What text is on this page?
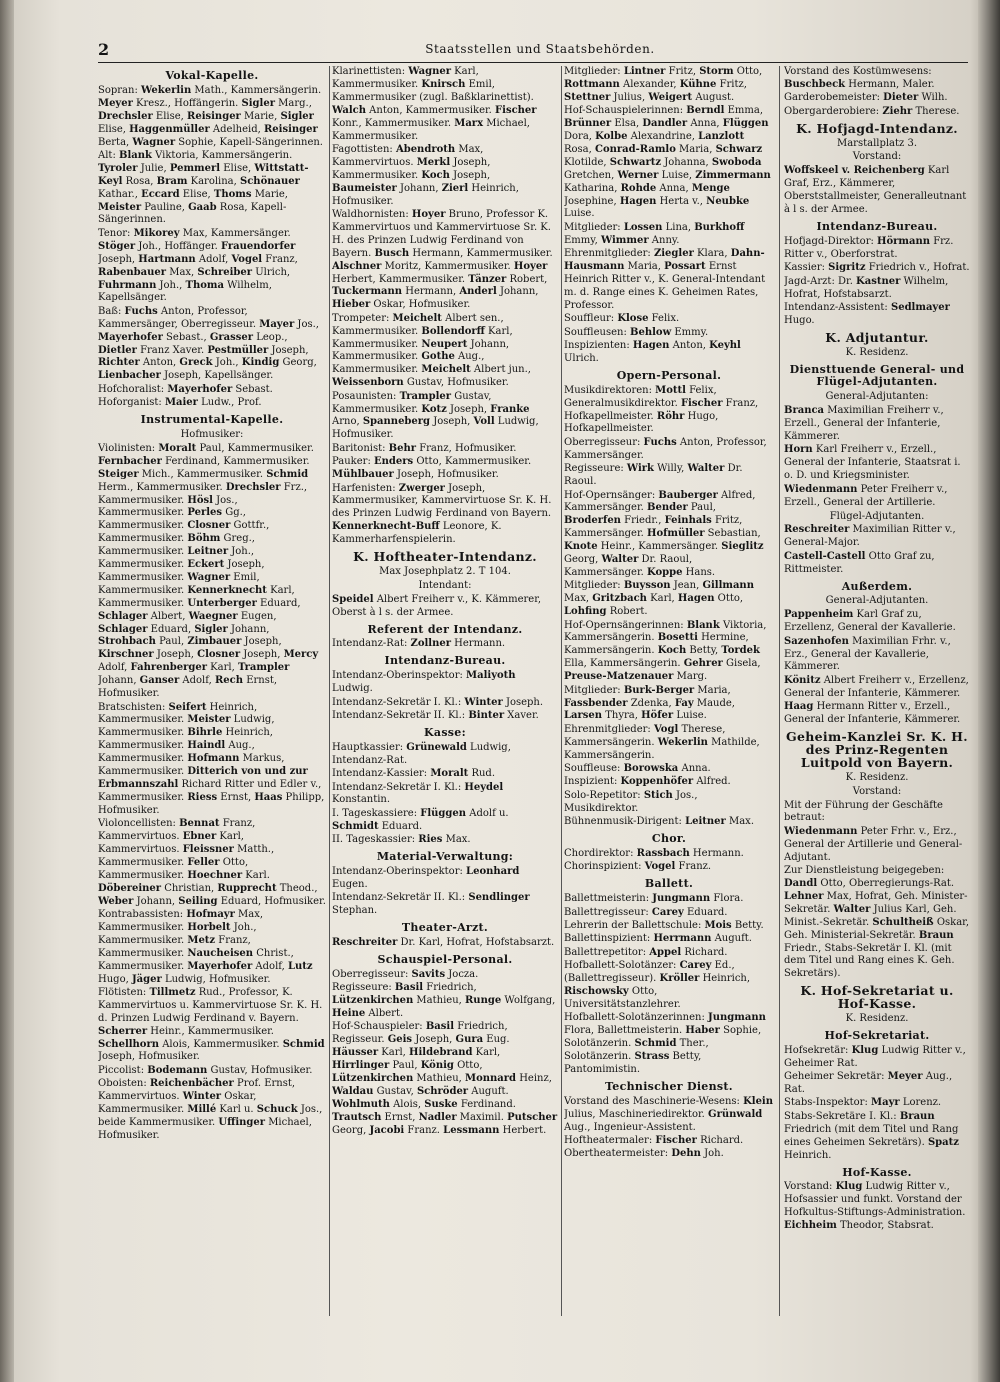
2	Staatsstellen und Staatsbehörden.
Vokal-Kapelle.
Sopran: Wekerlin Math., Kammersängerin. Meyer Kresz., Hoffängerin. Sigler Marg., Drechsler Elise, Reisinger Marie, Sigler Elise, Haggenmüller Adelheid, Reisinger Berta, Wagner Sophie, Kapell-Sängerinnen.
Alt: Blank Viktoria, Kammersängerin. Tyroler Julie, Pemmerl Elise, Wittstatt-Keyl Rosa, Bram Karolina, Schönauer Kathar., Eccard Elise, Thoms Marie, Meister Pauline, Gaab Rosa, Kapell-Sängerinnen.
Tenor: Mikorey Max, Kammersänger. Stöger Joh., Hoffänger. Frauendorfer Joseph, Hartmann Adolf, Vogel Franz, Rabenbauer Max, Schreiber Ulrich, Fuhrmann Joh., Thoma Wilhelm, Kapellsänger.
Baß: Fuchs Anton, Professor, Kammersänger, Oberregisseur. Mayer Jos., Mayerhofer Sebast., Grasser Leop., Dietler Franz Xaver. Pestmüller Joseph, Richter Anton, Greck Joh., Kindig Georg, Lienbacher Joseph, Kapellsänger.
Hofchoralist: Mayerhofer Sebast.
Hoforganist: Maier Ludw., Prof.
Instrumental-Kapelle.
Hofmusiker:
Violinisten: Moralt Paul, Kammermusiker. Fernbacher Ferdinand, Kammermusiker. Steiger Mich., Kammermusiker. Schmid Herm., Kammermusiker. Drechsler Frz., Kammermusiker. Hösl Jos., Kammermusiker. Perles Gg., Kammermusiker. Closner Gottfr., Kammermusiker. Böhm Greg., Kammermusiker. Leitner Joh., Kammermusiker. Eckert Joseph, Kammermusiker. Wagner Emil, Kammermusiker. Kennerknecht Karl, Kammermusiker. Unterberger Eduard, Schlager Albert, Waegner Eugen, Schlager Eduard, Sigler Johann, Strohbach Paul, Zimbauer Joseph, Kirschner Joseph, Closner Joseph, Mercy Adolf, Fahrenberger Karl, Trampler Johann, Ganser Adolf, Rech Ernst, Hofmusiker.
Bratschisten: Seifert Heinrich, Kammermusiker. Meister Ludwig, Kammermusiker. Bihrle Heinrich, Kammermusiker. Haindl Aug., Kammermusiker. Hofmann Markus, Kammermusiker. Ditterich von und zur Erbmannszahl Richard Ritter und Edler v., Kammermusiker. Riess Ernst, Haas Philipp, Hofmusiker.
Violoncellisten: Bennat Franz, Kammervirtuos. Ebner Karl, Kammervirtuos. Fleissner Matth., Kammermusiker. Feller Otto, Kammermusiker. Hoechner Karl. Döbereiner Christian, Rupprecht Theod., Weber Johann, Seiling Eduard, Hofmusiker.
Kontrabassisten: Hofmayr Max, Kammermusiker. Horbelt Joh., Kammermusiker. Metz Franz, Kammermusiker. Naucheisen Christ., Kammermusiker. Mayerhofer Adolf, Lutz Hugo, Jäger Ludwig, Hofmusiker.
Flötisten: Tillmetz Rud., Professor, K. Kammervirtuos u. Kammervirtuose Sr. K. H. d. Prinzen Ludwig Ferdinand v. Bayern. Scherrer Heinr., Kammermusiker. Schellhorn Alois, Kammermusiker. Schmid Joseph, Hofmusiker.
Piccolist: Bodemann Gustav, Hofmusiker.
Oboisten: Reichenbächer Prof. Ernst, Kammervirtuos. Winter Oskar, Kammermusiker. Millé Karl u. Schuck Jos., beide Kammermusiker. Uffinger Michael, Hofmusiker.
Klarinettisten: Wagner Karl, Kammermusiker. Knirsch Emil, Kammermusiker (zugl. Baßklarinettist). Walch Anton, Kammermusiker. Fischer Konr., Kammermusiker. Marx Michael, Kammermusiker.
Fagottisten: Abendroth Max, Kammervirtuos. Merkl Joseph, Kammermusiker. Koch Joseph, Baumeister Johann, Zierl Heinrich, Hofmusiker.
Waldhornisten: Hoyer Bruno, Professor K. Kammervirtuos und Kammervirtuose Sr. K. H. des Prinzen Ludwig Ferdinand von Bayern. Busch Hermann, Kammermusiker. Alschner Moritz, Kammermusiker. Hoyer Herbert, Kammermusiker. Tänzer Robert, Tuckermann Hermann, Anderl Johann, Hieber Oskar, Hofmusiker.
Trompeter: Meichelt Albert sen., Kammermusiker. Bollendorff Karl, Kammermusiker. Neupert Johann, Kammermusiker. Gothe Aug., Kammermusiker. Meichelt Albert jun., Weissenborn Gustav, Hofmusiker.
Posaunisten: Trampler Gustav, Kammermusiker. Kotz Joseph, Franke Arno, Spanneberg Joseph, Voll Ludwig, Hofmusiker.
Baritonist: Behr Franz, Hofmusiker.
Pauker: Enders Otto, Kammermusiker. Mühlbauer Joseph, Hofmusiker.
Harfenisten: Zwerger Joseph, Kammermusiker, Kammervirtuose Sr. K. H. des Prinzen Ludwig Ferdinand von Bayern. Kennerknecht-Buff Leonore, K. Kammerharfenspielerin.
K. Hoftheater-Intendanz.
Max Josephplatz 2. T 104.
Intendant:
Speidel Albert Freiherr v., K. Kämmerer, Oberst à l s. der Armee.
Referent der Intendanz.
Intendanz-Rat: Zollner Hermann.
Intendanz-Bureau.
Intendanz-Oberinspektor: Maliyoth Ludwig.
Intendanz-Sekretär I. Kl.: Winter Joseph.
Intendanz-Sekretär II. Kl.: Binter Xaver.
Kasse:
Hauptkassier: Grünewald Ludwig, Intendanz-Rat.
Intendanz-Kassier: Moralt Rud.
Intendanz-Sekretär I. Kl.: Heydel Konstantin.
I. Tageskassiere: Flüggen Adolf u. Schmidt Eduard.
II. Tageskassier: Ries Max.
Material-Verwaltung:
Intendanz-Oberinspektor: Leonhard Eugen.
Intendanz-Sekretär II. Kl.: Sendlinger Stephan.
Theater-Arzt.
Reschreiter Dr. Karl, Hofrat, Hofstabsarzt.
Schauspiel-Personal.
Oberregisseur: Savits Jocza.
Regisseure: Basil Friedrich, Lützenkirchen Mathieu, Runge Wolfgang, Heine Albert.
Hof-Schauspieler: Basil Friedrich, Regisseur. Geis Joseph, Gura Eug. Häusser Karl, Hildebrand Karl, Hirrlinger Paul, König Otto, Lützenkirchen Mathieu, Monnard Heinz, Waldau Gustav, Schröder Auguft. Wohlmuth Alois, Suske Ferdinand. Trautsch Ernst, Nadler Maximil. Putscher Georg, Jacobi Franz. Lessmann Herbert.
Mitglieder: Lintner Fritz, Storm Otto, Rottmann Alexander, Kühne Fritz, Stettner Julius, Weigert August.
Hof-Schauspielerinnen: Berndl Emma, Brünner Elsa, Dandler Anna, Flüggen Dora, Kolbe Alexandrine, Lanzlott Rosa, Conrad-Ramlo Maria, Schwarz Klotilde, Schwartz Johanna, Swoboda Gretchen, Werner Luise, Zimmermann Katharina, Rohde Anna, Menge Josephine, Hagen Herta v., Neubke Luise.
Mitglieder: Lossen Lina, Burkhoff Emmy, Wimmer Anny.
Ehrenmitglieder: Ziegler Klara, Dahn-Hausmann Maria, Possart Ernst Heinrich Ritter v., K. General-Intendant m. d. Range eines K. Geheimen Rates, Professor.
Souffleur: Klose Felix.
Souffleusen: Behlow Emmy.
Inspizienten: Hagen Anton, Keyhl Ulrich.
Opern-Personal.
Musikdirektoren: Mottl Felix, Generalmusikdirektor. Fischer Franz, Hofkapellmeister. Röhr Hugo, Hofkapellmeister.
Oberregisseur: Fuchs Anton, Professor, Kammersänger.
Regisseure: Wirk Willy, Walter Dr. Raoul.
Hof-Opernsänger: Bauberger Alfred, Kammersänger. Bender Paul, Broderfen Friedr., Feinhals Fritz, Kammersänger. Hofmüller Sebastian, Knote Heinr., Kammersänger. Sieglitz Georg, Walter Dr. Raoul, Kammersänger. Koppe Hans.
Mitglieder: Buysson Jean, Gillmann Max, Gritzbach Karl, Hagen Otto, Lohfing Robert.
Hof-Opernsängerinnen: Blank Viktoria, Kammersängerin. Bosetti Hermine, Kammersängerin. Koch Betty, Tordek Ella, Kammersängerin. Gehrer Gisela, Preuse-Matzenauer Marg.
Mitglieder: Burk-Berger Maria, Fassbender Zdenka, Fay Maude, Larsen Thyra, Höfer Luise.
Ehrenmitglieder: Vogl Therese, Kammersängerin. Wekerlin Mathilde, Kammersängerin.
Souffleuse: Borowska Anna.
Inspizient: Koppenhöfer Alfred.
Solo-Repetitor: Stich Jos., Musikdirektor.
Bühnenmusik-Dirigent: Leitner Max.
Chor.
Chordirektor: Rassbach Hermann.
Chorinspizient: Vogel Franz.
Ballett.
Ballettmeisterin: Jungmann Flora.
Ballettregisseur: Carey Eduard.
Lehrerin der Ballettschule: Mois Betty.
Ballettinspizient: Herrmann Auguft.
Ballettrepetitor: Appel Richard.
Hofballett-Solotänzer: Carey Ed., (Ballettregisseur). Kröller Heinrich, Rischowsky Otto, Universitätstanzlehrer.
Hofballett-Solotänzerinnen: Jungmann Flora, Ballettmeisterin. Haber Sophie, Solotänzerin. Schmid Ther., Solotänzerin. Strass Betty, Pantomimistin.
Technischer Dienst.
Vorstand des Maschinerie-Wesens: Klein Julius, Maschineriedirektor. Grünwald Aug., Ingenieur-Assistent.
Hoftheatermaler: Fischer Richard.
Obertheatermeister: Dehn Joh.
Vorstand des Kostümwesens: Buschbeck Hermann, Maler.
Garderobemeister: Dieter Wilh.
Obergarderobiere: Ziehr Therese.
K. Hofjagd-Intendanz.
Marstallplatz 3.
Vorstand:
Woffskeel v. Reichenberg Karl Graf, Erz., Kämmerer, Oberststallmeister, Generalleutnant à l s. der Armee.
Intendanz-Bureau.
Hofjagd-Direktor: Hörmann Frz. Ritter v., Oberforstrat.
Kassier: Sigritz Friedrich v., Hofrat.
Jagd-Arzt: Dr. Kastner Wilhelm, Hofrat, Hofstabsarzt.
Intendanz-Assistent: Sedlmayer Hugo.
K. Adjutantur.
K. Residenz.
Diensttuende General- und Flügel-Adjutanten.
General-Adjutanten:
Branca Maximilian Freiherr v., Erzell., General der Infanterie, Kämmerer.
Horn Karl Freiherr v., Erzell., General der Infanterie, Staatsrat i. o. D. und Kriegsminister.
Wiedenmann Peter Freiherr v., Erzell., General der Artillerie.
Flügel-Adjutanten.
Reschreiter Maximilian Ritter v., General-Major.
Castell-Castell Otto Graf zu, Rittmeister.
Außerdem.
General-Adjutanten.
Pappenheim Karl Graf zu, Erzellenz, General der Kavallerie.
Sazenhofen Maximilian Frhr. v., Erz., General der Kavallerie, Kämmerer.
Könitz Albert Freiherr v., Erzellenz, General der Infanterie, Kämmerer.
Haag Hermann Ritter v., Erzell., General der Infanterie, Kämmerer.
Geheim-Kanzlei Sr. K. H. des Prinz-Regenten Luitpold von Bayern.
K. Residenz.
Vorstand:
Mit der Führung der Geschäfte betraut:
Wiedenmann Peter Frhr. v., Erz., General der Artillerie und General-Adjutant.
Zur Dienstleistung beigegeben: Dandl Otto, Oberregierungs-Rat. Lehner Max, Hofrat, Geh. Minister-Sekretär. Walter Julius Karl, Geh. Minist.-Sekretär. Schultheiß Oskar, Geh. Ministerial-Sekretär. Braun Friedr., Stabs-Sekretär I. Kl. (mit dem Titel und Rang eines K. Geh. Sekretärs).
K. Hof-Sekretariat u. Hof-Kasse.
K. Residenz.
Hof-Sekretariat.
Hofsekretär: Klug Ludwig Ritter v., Geheimer Rat.
Geheimer Sekretär: Meyer Aug., Rat.
Stabs-Inspektor: Mayr Lorenz.
Stabs-Sekretäre I. Kl.: Braun Friedrich (mit dem Titel und Rang eines Geheimen Sekretärs). Spatz Heinrich.
Hof-Kasse.
Vorstand: Klug Ludwig Ritter v., Hofsassier und funkt. Vorstand der Hofkultus-Stiftungs-Administration. Eichheim Theodor, Stabsrat.
